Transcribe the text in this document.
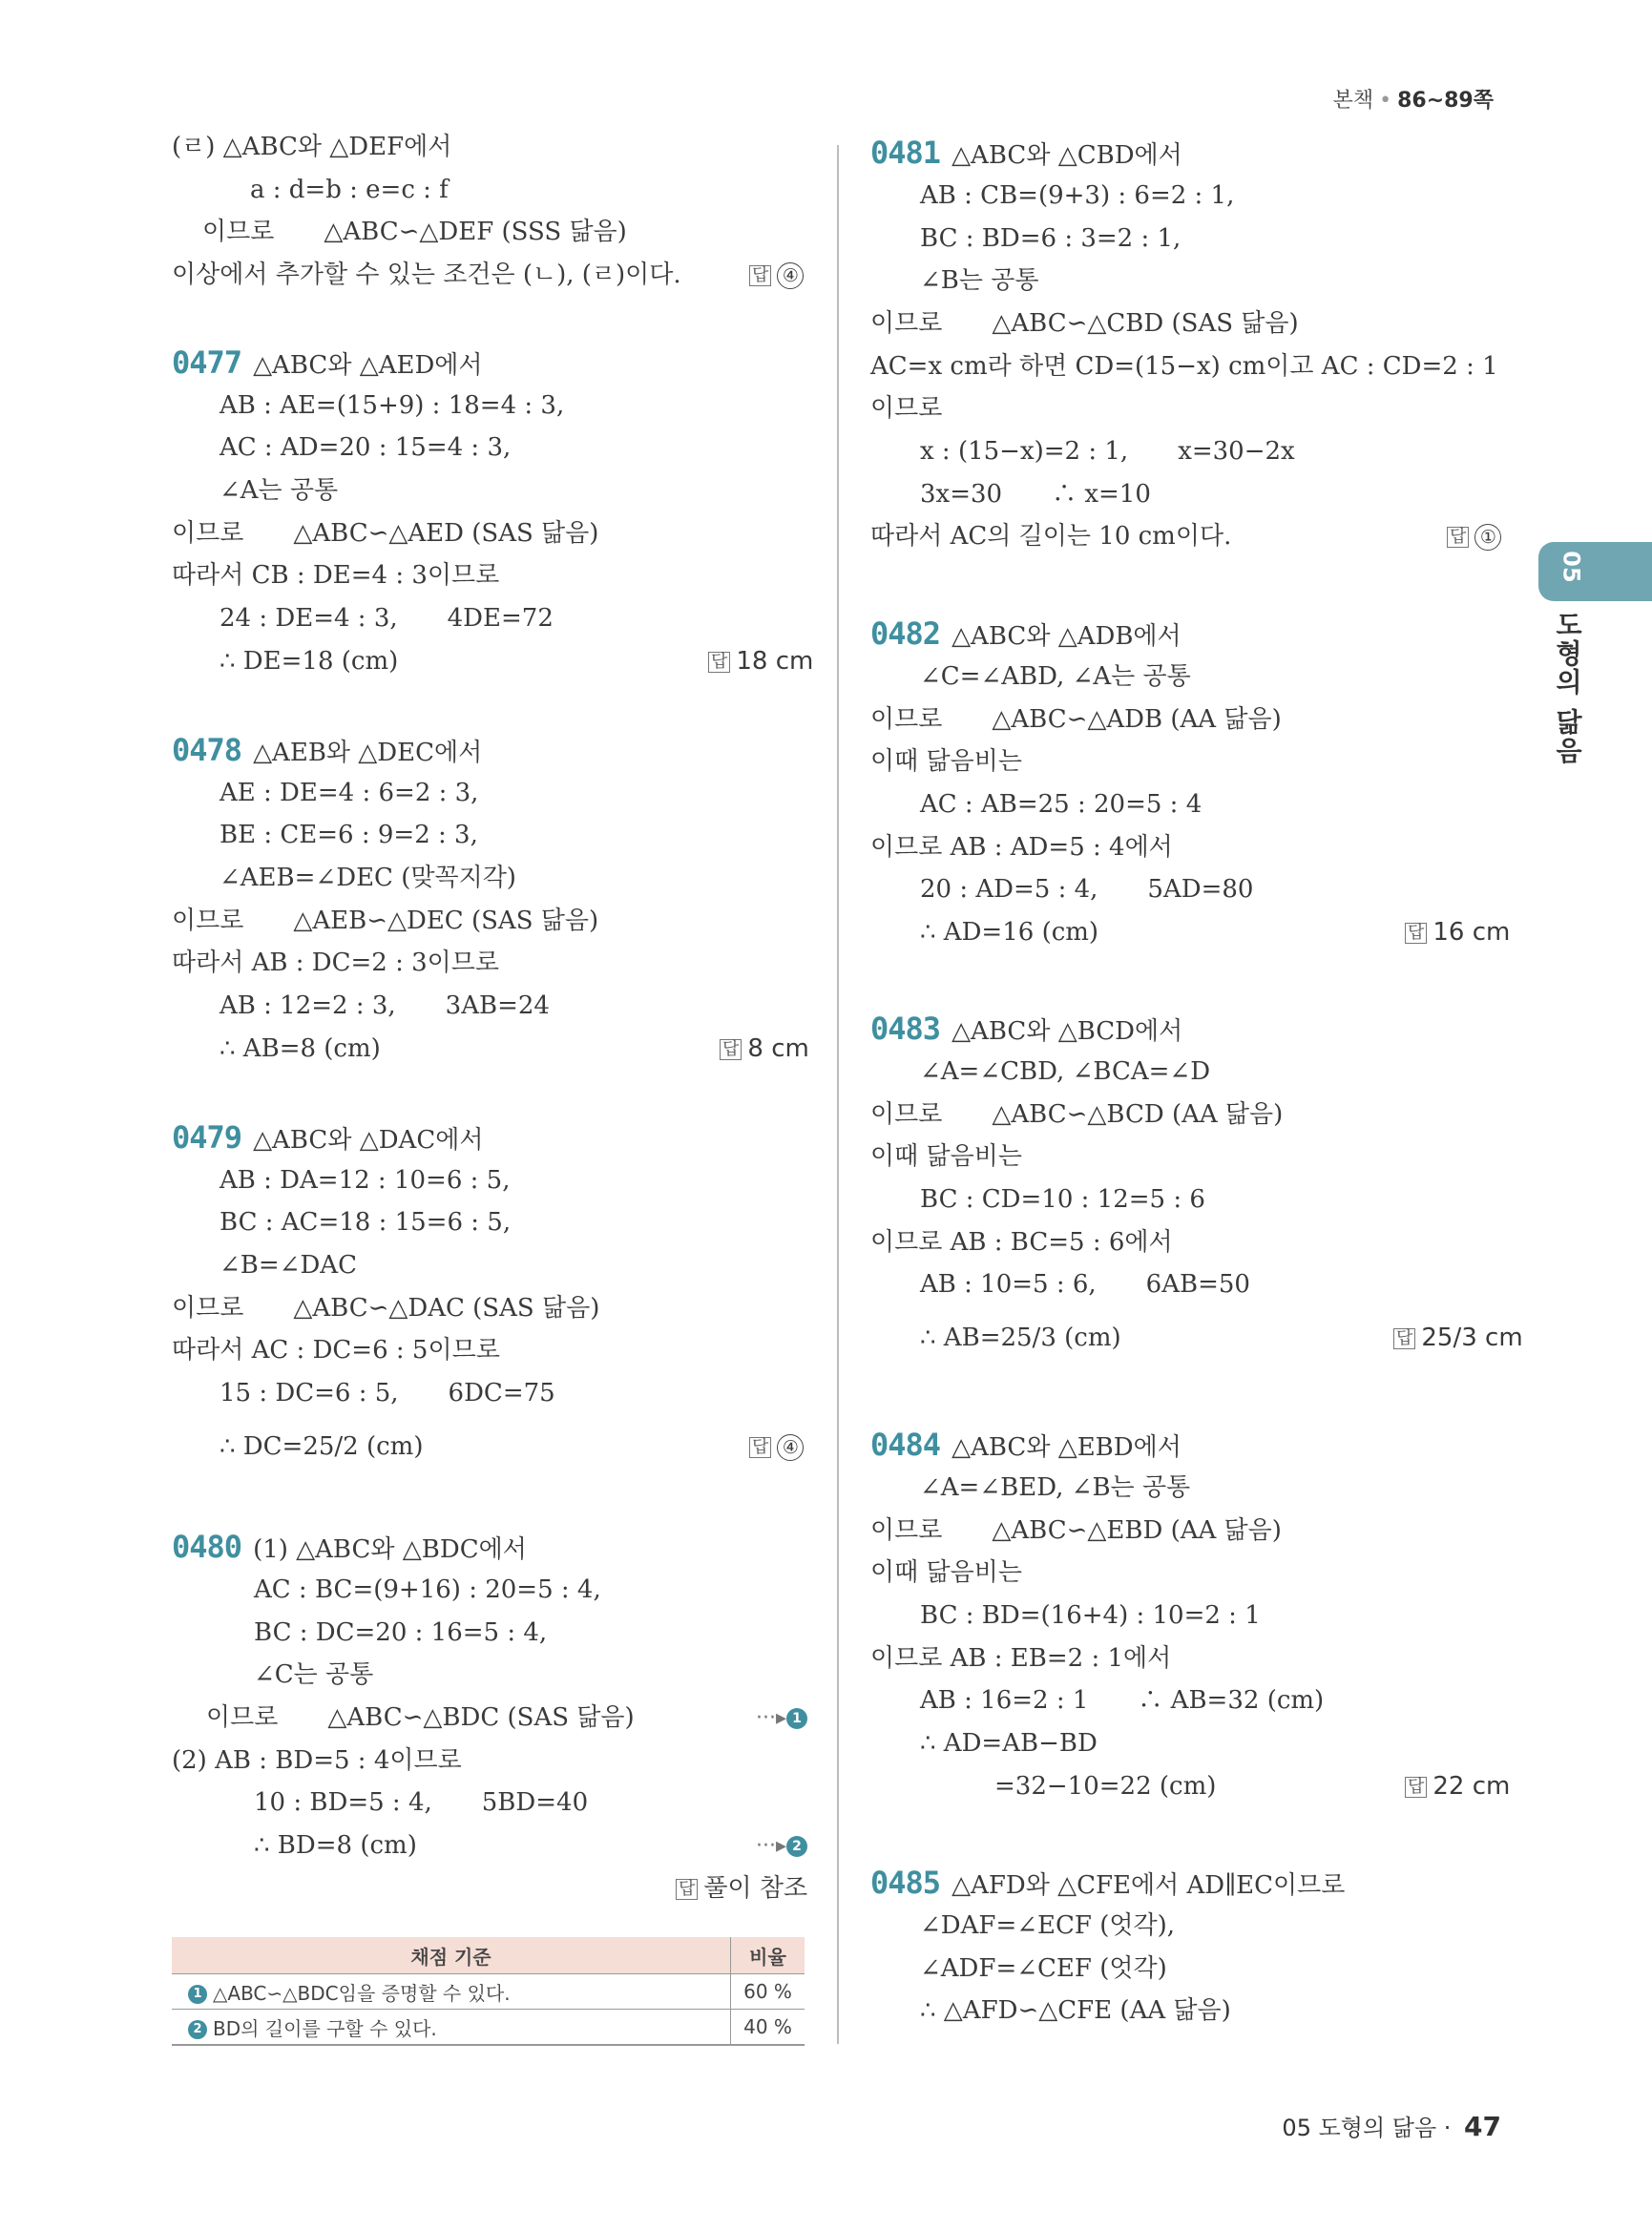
본책 • 86~89쪽
05
도형의 닮음
(ㄹ) △ABC와 △DEF에서
a : d=b : e=c : f
이므로　　△ABC∽△DEF (SSS 닮음)
이상에서 추가할 수 있는 조건은 (ㄴ), (ㄹ)이다.
0477 △ABC와 △AED에서
AB : AE=(15+9) : 18=4 : 3,
AC : AD=20 : 15=4 : 3,
∠A는 공통
이므로　　△ABC∽△AED (SAS 닮음)
따라서 CB : DE=4 : 3이므로
24 : DE=4 : 3,　　4DE=72
∴ DE=18 (cm)
0478 △AEB와 △DEC에서
AE : DE=4 : 6=2 : 3,
BE : CE=6 : 9=2 : 3,
∠AEB=∠DEC (맞꼭지각)
이므로　　△AEB∽△DEC (SAS 닮음)
따라서 AB : DC=2 : 3이므로
AB : 12=2 : 3,　　3AB=24
∴ AB=8 (cm)
0479 △ABC와 △DAC에서
AB : DA=12 : 10=6 : 5,
BC : AC=18 : 15=6 : 5,
∠B=∠DAC
이므로　　△ABC∽△DAC (SAS 닮음)
따라서 AC : DC=6 : 5이므로
15 : DC=6 : 5,　　6DC=75
∴ DC=25/2 (cm)
0480 (1) △ABC와 △BDC에서
AC : BC=(9+16) : 20=5 : 4,
BC : DC=20 : 16=5 : 4,
∠C는 공통
이므로　　△ABC∽△BDC (SAS 닮음)
(2) AB : BD=5 : 4이므로
10 : BD=5 : 4,　　5BD=40
∴ BD=8 (cm)
0481 △ABC와 △CBD에서
AB : CB=(9+3) : 6=2 : 1,
BC : BD=6 : 3=2 : 1,
∠B는 공통
이므로　　△ABC∽△CBD (SAS 닮음)
AC=x cm라 하면 CD=(15−x) cm이고 AC : CD=2 : 1
이므로
x : (15−x)=2 : 1,　　x=30−2x
3x=30　　∴ x=10
따라서 AC의 길이는 10 cm이다.
0482 △ABC와 △ADB에서
∠C=∠ABD, ∠A는 공통
이므로　　△ABC∽△ADB (AA 닮음)
이때 닮음비는
AC : AB=25 : 20=5 : 4
이므로 AB : AD=5 : 4에서
20 : AD=5 : 4,　　5AD=80
∴ AD=16 (cm)
0483 △ABC와 △BCD에서
∠A=∠CBD, ∠BCA=∠D
이므로　　△ABC∽△BCD (AA 닮음)
이때 닮음비는
BC : CD=10 : 12=5 : 6
이므로 AB : BC=5 : 6에서
AB : 10=5 : 6,　　6AB=50
∴ AB=25/3 (cm)
0484 △ABC와 △EBD에서
∠A=∠BED, ∠B는 공통
이므로　　△ABC∽△EBD (AA 닮음)
이때 닮음비는
BC : BD=(16+4) : 10=2 : 1
이므로 AB : EB=2 : 1에서
AB : 16=2 : 1　　∴ AB=32 (cm)
∴ AD=AB−BD
=32−10=22 (cm)
0485 △AFD와 △CFE에서 AD∥EC이므로
∠DAF=∠ECF (엇각),
∠ADF=∠CEF (엇각)
∴ △AFD∽△CFE (AA 닮음)
답 ④
답 18 cm
답 8 cm
답 ④
답 풀이 참조
답 ①
답 16 cm
답 25/3 cm
답 22 cm
···▸ 1
···▸ 2
채점 기준	비율
1 △ABC∽△BDC임을 증명할 수 있다.	60 %
2 BD의 길이를 구할 수 있다.	40 %
05 도형의 닮음 · 47
